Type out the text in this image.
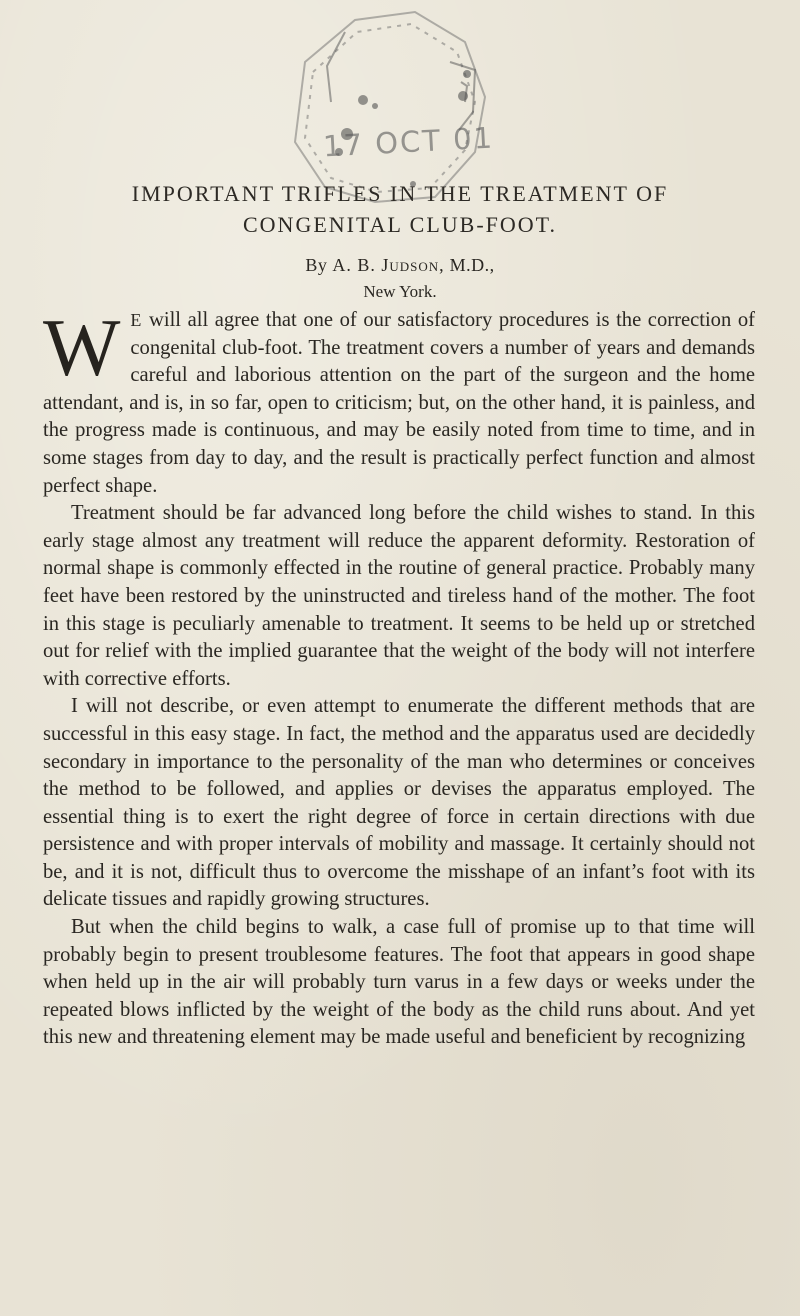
17 OCT 01
IMPORTANT TRIFLES IN THE TREATMENT OF
CONGENITAL CLUB-FOOT.
By A. B. Judson, M.D.,
New York.

W E will all agree that one of our satisfactory procedures is the correction of congenital club-foot. The treatment covers a number of years and demands careful and laborious attention on the part of the surgeon and the home attendant, and is, in so far, open to criticism; but, on the other hand, it is painless, and the progress made is continuous, and may be easily noted from time to time, and in some stages from day to day, and the result is practically perfect function and almost perfect shape.

Treatment should be far advanced long before the child wishes to stand. In this early stage almost any treatment will reduce the apparent deformity. Restoration of normal shape is commonly effected in the routine of general practice. Probably many feet have been restored by the uninstructed and tireless hand of the mother. The foot in this stage is peculiarly amenable to treatment. It seems to be held up or stretched out for relief with the implied guarantee that the weight of the body will not interfere with corrective efforts.

I will not describe, or even attempt to enumerate the different methods that are successful in this easy stage. In fact, the method and the apparatus used are decidedly secondary in importance to the personality of the man who determines or conceives the method to be followed, and applies or devises the apparatus employed. The essential thing is to exert the right degree of force in certain directions with due persistence and with proper intervals of mobility and massage. It certainly should not be, and it is not, difficult thus to overcome the misshape of an infant’s foot with its delicate tissues and rapidly growing structures.

But when the child begins to walk, a case full of promise up to that time will probably begin to present troublesome features. The foot that appears in good shape when held up in the air will probably turn varus in a few days or weeks under the repeated blows inflicted by the weight of the body as the child runs about. And yet this new and threatening element may be made useful and beneficient by recognizing
